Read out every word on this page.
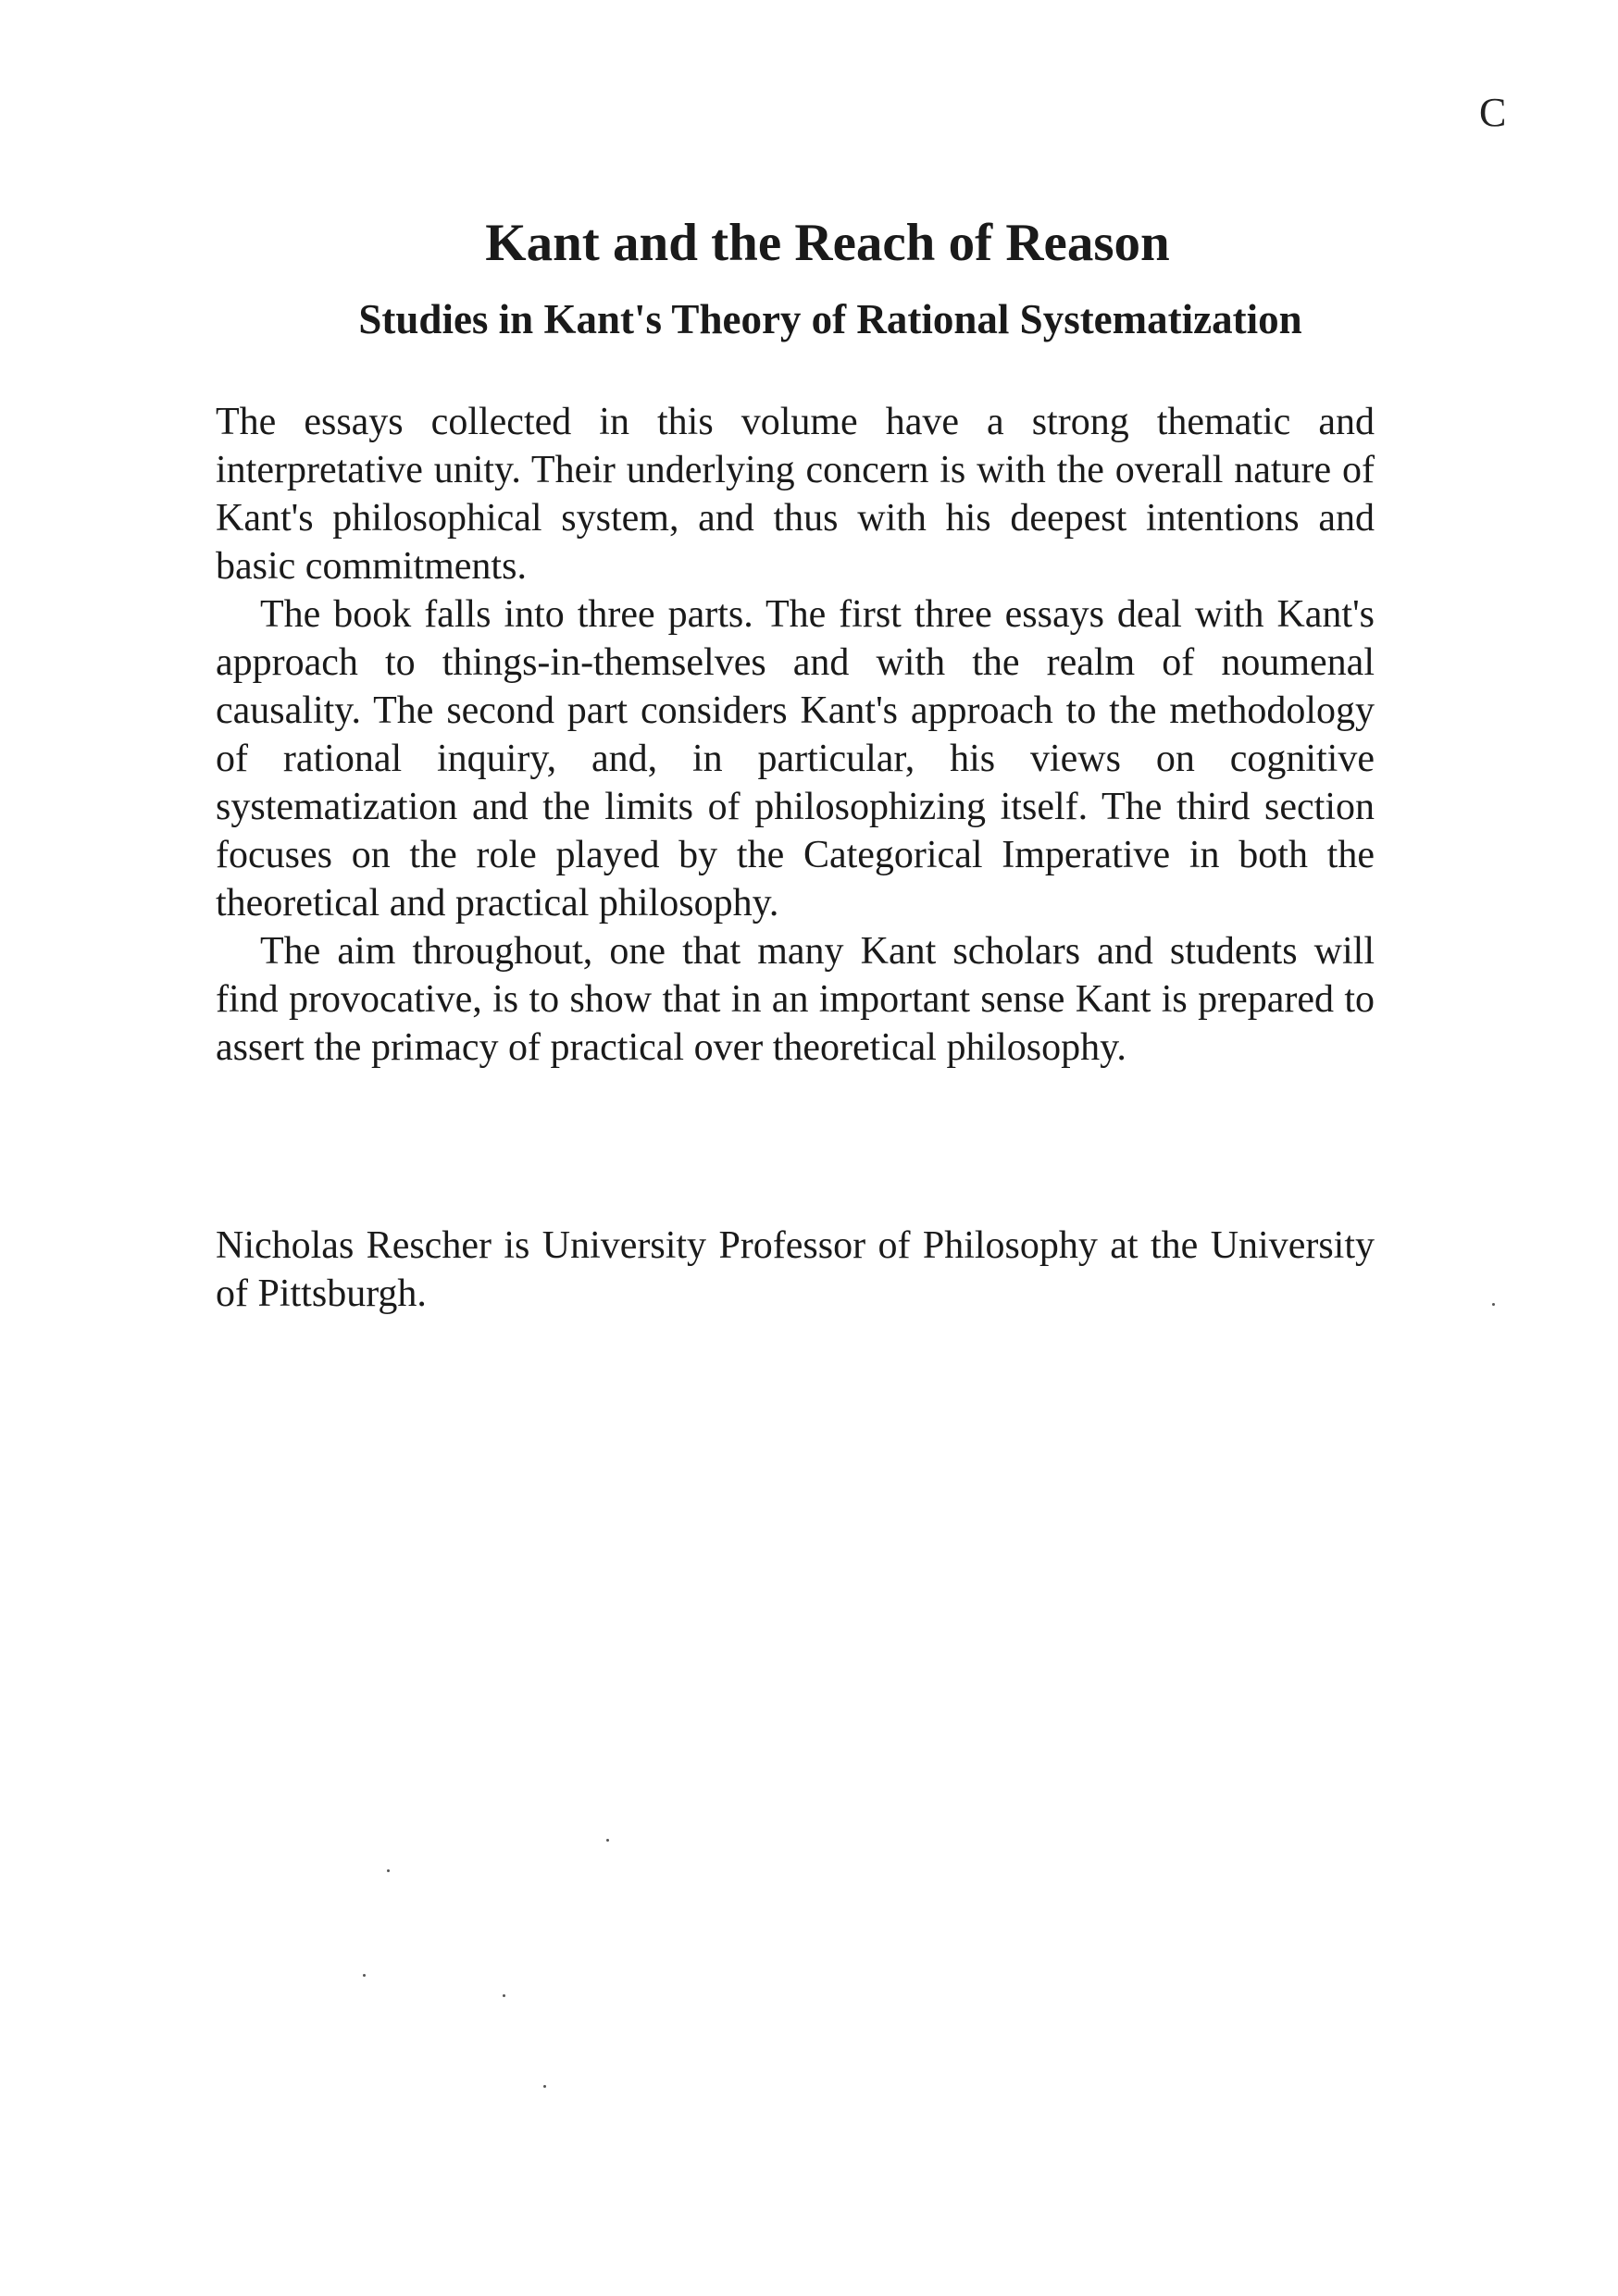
C
Kant and the Reach of Reason
Studies in Kant's Theory of Rational Systematization

The essays collected in this volume have a strong thematic and interpretative unity. Their underlying concern is with the overall nature of Kant's philosophical system, and thus with his deepest intentions and basic commitments.

The book falls into three parts. The first three essays deal with Kant's approach to things-in-themselves and with the realm of noumenal causality. The second part considers Kant's approach to the methodology of rational inquiry, and, in particular, his views on cognitive systematization and the limits of philosophizing itself. The third section focuses on the role played by the Categorical Imperative in both the theoretical and practical philosophy.

The aim throughout, one that many Kant scholars and students will find provocative, is to show that in an important sense Kant is prepared to assert the primacy of practical over theoretical philosophy.

Nicholas Rescher is University Professor of Philosophy at the University of Pittsburgh.
